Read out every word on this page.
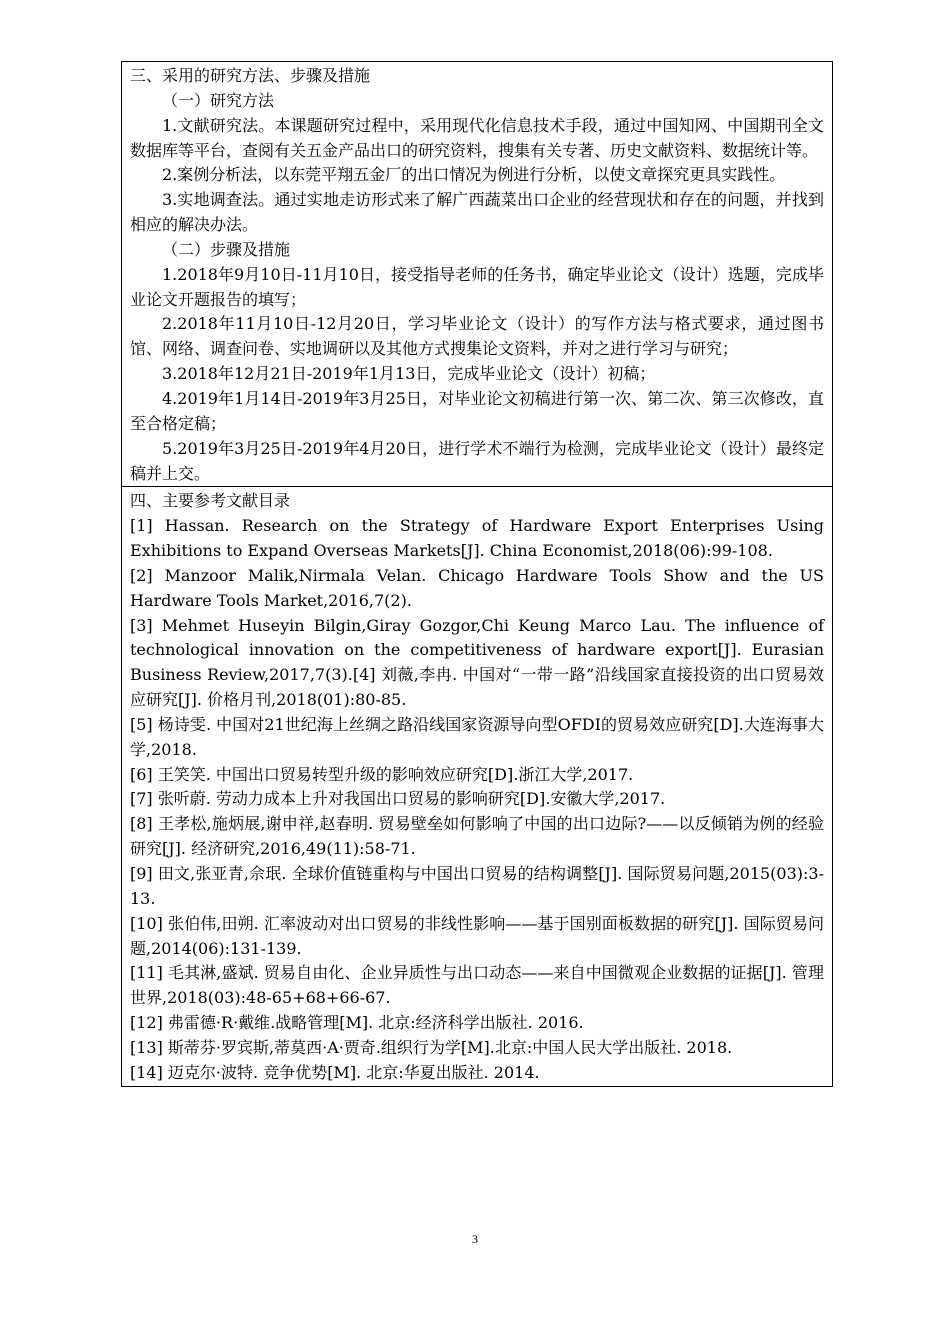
三、采用的研究方法、步骤及措施

（一）研究方法

1.文献研究法。本课题研究过程中，采用现代化信息技术手段，通过中国知网、中国期刊全文数据库等平台，查阅有关五金产品出口的研究资料，搜集有关专著、历史文献资料、数据统计等。

2.案例分析法，以东莞平翔五金厂的出口情况为例进行分析，以使文章探究更具实践性。

3.实地调查法。通过实地走访形式来了解广西蔬菜出口企业的经营现状和存在的问题，并找到相应的解决办法。

（二）步骤及措施

1.2018年9月10日-11月10日，接受指导老师的任务书，确定毕业论文（设计）选题，完成毕业论文开题报告的填写；

2.2018年11月10日-12月20日，学习毕业论文（设计）的写作方法与格式要求，通过图书馆、网络、调查问卷、实地调研以及其他方式搜集论文资料，并对之进行学习与研究；

3.2018年12月21日-2019年1月13日，完成毕业论文（设计）初稿；

4.2019年1月14日-2019年3月25日，对毕业论文初稿进行第一次、第二次、第三次修改，直至合格定稿；

5.2019年3月25日-2019年4月20日，进行学术不端行为检测，完成毕业论文（设计）最终定稿并上交。

四、主要参考文献目录

[1] Hassan. Research on the Strategy of Hardware Export Enterprises Using Exhibitions to Expand Overseas Markets[J]. China Economist,2018(06):99-108.

[2] Manzoor Malik,Nirmala Velan. Chicago Hardware Tools Show and the US Hardware Tools Market,2016,7(2).

[3] Mehmet Huseyin Bilgin,Giray Gozgor,Chi Keung Marco Lau. The influence of technological innovation on the competitiveness of hardware export[J]. Eurasian Business Review,2017,7(3).[4] 刘薇,李冉. 中国对“一带一路”沿线国家直接投资的出口贸易效应研究[J]. 价格月刊,2018(01):80-85.

[5] 杨诗雯. 中国对21世纪海上丝绸之路沿线国家资源导向型OFDI的贸易效应研究[D].大连海事大学,2018.

[6] 王笑笑. 中国出口贸易转型升级的影响效应研究[D].浙江大学,2017.

[7] 张听蔚. 劳动力成本上升对我国出口贸易的影响研究[D].安徽大学,2017.

[8] 王孝松,施炳展,谢申祥,赵春明. 贸易壁垒如何影响了中国的出口边际?——以反倾销为例的经验研究[J]. 经济研究,2016,49(11):58-71.

[9] 田文,张亚青,佘珉. 全球价值链重构与中国出口贸易的结构调整[J]. 国际贸易问题,2015(03):3-13.

[10] 张伯伟,田朔. 汇率波动对出口贸易的非线性影响——基于国别面板数据的研究[J]. 国际贸易问题,2014(06):131-139.

[11] 毛其淋,盛斌. 贸易自由化、企业异质性与出口动态——来自中国微观企业数据的证据[J]. 管理世界,2018(03):48-65+68+66-67.

[12] 弗雷德·R·戴维.战略管理[M]. 北京:经济科学出版社. 2016.

[13] 斯蒂芬·罗宾斯,蒂莫西·A·贾奇.组织行为学[M].北京:中国人民大学出版社. 2018.

[14] 迈克尔·波特. 竞争优势[M]. 北京:华夏出版社. 2014.

3
